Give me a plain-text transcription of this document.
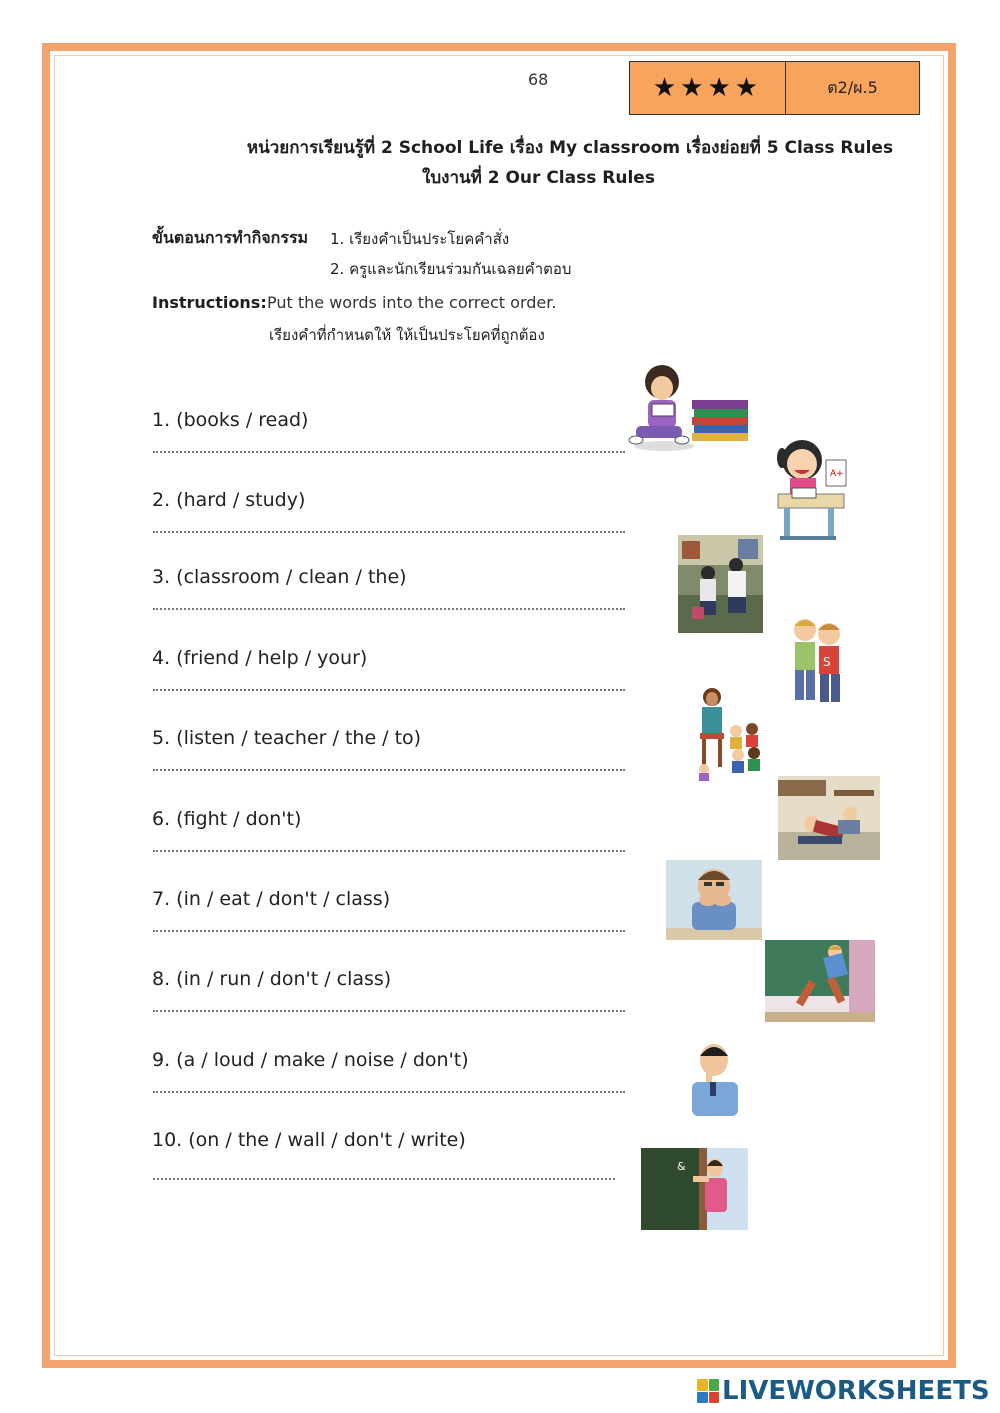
68	★★★★	ต2/ผ.5
หน่วยการเรียนรู้ที่ 2 School Life เรื่อง My classroom เรื่องย่อยที่ 5 Class Rules
ใบงานที่ 2 Our Class Rules
ขั้นตอนการทำกิจกรรม 1. เรียงคำเป็นประโยคคำสั่ง
2. ครูและนักเรียนร่วมกันเฉลยคำตอบ
Instructions: Put the words into the correct order.
เรียงคำที่กำหนดให้ ให้เป็นประโยคที่ถูกต้อง
1. (books / read)
2. (hard / study)
3. (classroom / clean / the)
4. (friend / help / your)
5. (listen / teacher / the / to)
6. (fight / don't)
7. (in / eat / don't / class)
8. (in / run / don't / class)
9. (a / loud / make / noise / don't)
10. (on / the / wall / don't / write)
A+
S
&
LIVEWORKSHEETS
